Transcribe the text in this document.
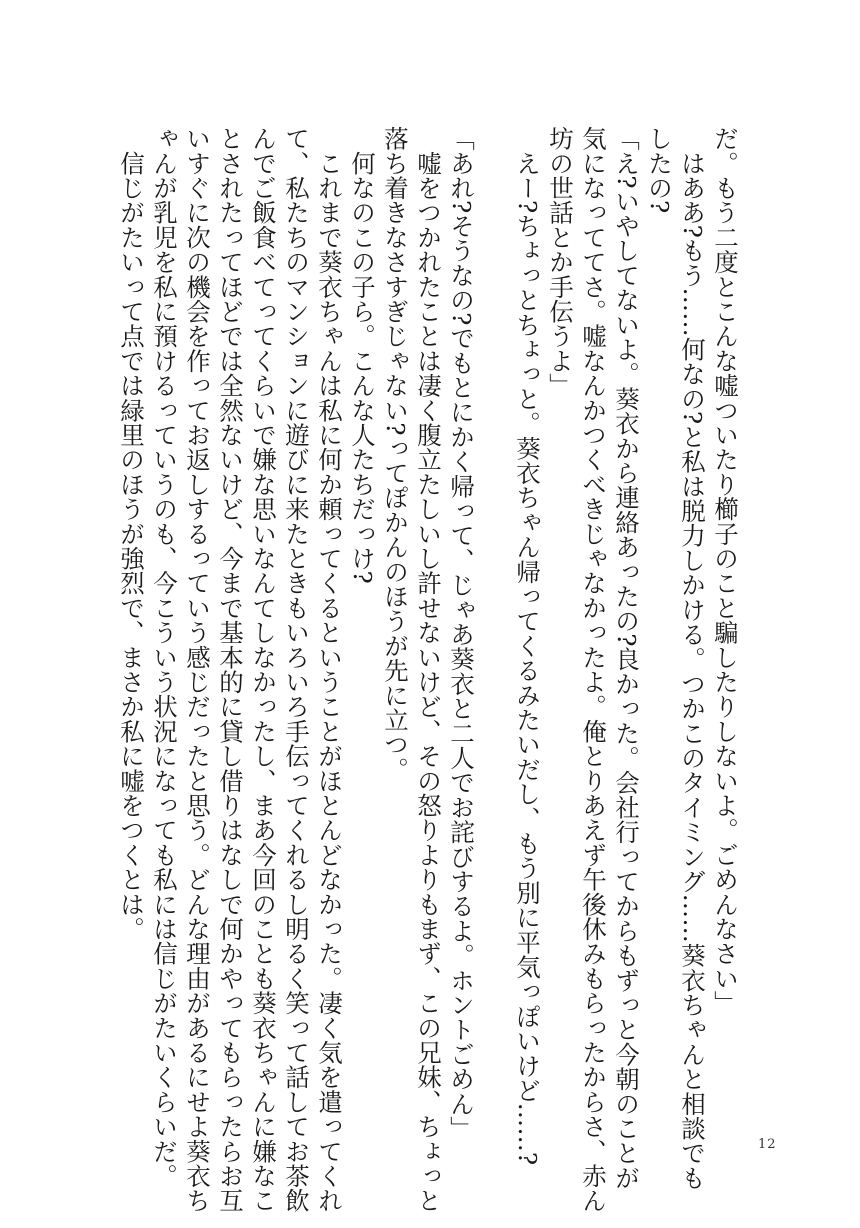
だ。もう二度とこんな嘘ついたり櫛子のこと騙したりしないよ。ごめんなさい」

　はああ?もう……何なの?と私は脱力しかける。つかこのタイミング……葵衣ちゃんと相談でも

したの?

「え?いやしてないよ。葵衣から連絡あったの?良かった。会社行ってからもずっと今朝のことが

気になっててさ。嘘なんかつくべきじゃなかったよ。俺とりあえず午後休みもらったからさ、赤ん

坊の世話とか手伝うよ」

　えー?ちょっとちょっと。葵衣ちゃん帰ってくるみたいだし、もう別に平気っぽいけど……?

「あれ?そうなの?でもとにかく帰って、じゃあ葵衣と二人でお詫びするよ。ホントごめん」

　嘘をつかれたことは凄く腹立たしいし許せないけど、その怒りよりもまず、この兄妹、ちょっと

落ち着きなさすぎじゃない?ってぽかんのほうが先に立つ。

　何なのこの子ら。こんな人たちだっけ?

　これまで葵衣ちゃんは私に何か頼ってくるということがほとんどなかった。凄く気を遣ってくれ

て、私たちのマンションに遊びに来たときもいろいろ手伝ってくれるし明るく笑って話してお茶飲

んでご飯食べてってくらいで嫌な思いなんてしなかったし、まあ今回のことも葵衣ちゃんに嫌なこ

とされたってほどでは全然ないけど、今まで基本的に貸し借りはなしで何かやってもらったらお互

いすぐに次の機会を作ってお返しするっていう感じだったと思う。どんな理由があるにせよ葵衣ち

ゃんが乳児を私に預けるっていうのも、今こういう状況になっても私には信じがたいくらいだ。

　信じがたいって点では緑里のほうが強烈で、まさか私に嘘をつくとは。

12
